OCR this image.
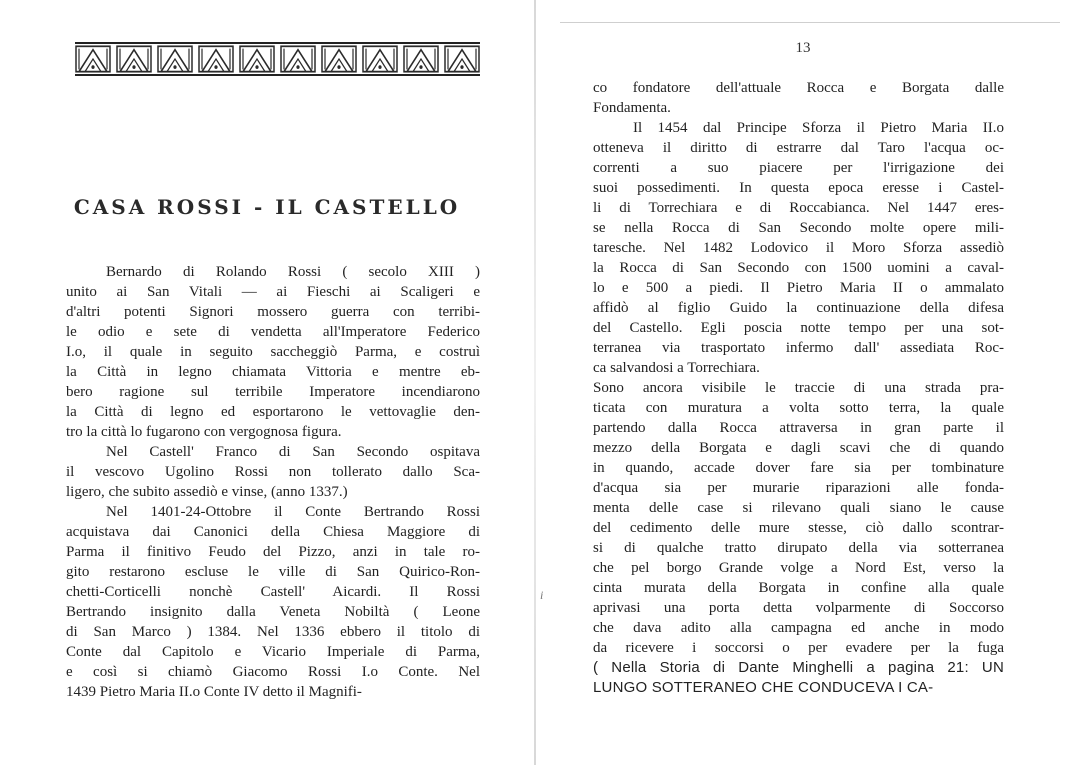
CASA ROSSI - IL CASTELLO
Bernardo di Rolando Rossi ( secolo XIII )
unito ai San Vitali — ai Fieschi ai Scaligeri e
d'altri potenti Signori mossero guerra con terribi-
le odio e sete di vendetta all'Imperatore Federico
I.o, il quale in seguito saccheggiò Parma, e costruì
la Città in legno chiamata Vittoria e mentre eb-
bero ragione sul terribile Imperatore incendiarono
la Città di legno ed esportarono le vettovaglie den-
tro la città lo fugarono con vergognosa figura.
Nel Castell' Franco di San Secondo ospitava
il vescovo Ugolino Rossi non tollerato dallo Sca-
ligero, che subito assediò e vinse, (anno 1337.)
Nel 1401-24-Ottobre il Conte Bertrando Rossi
acquistava dai Canonici della Chiesa Maggiore di
Parma il finitivo Feudo del Pizzo, anzi in tale ro-
gito restarono escluse le ville di San Quirico-Ron-
chetti-Corticelli nonchè Castell' Aicardi. Il Rossi
Bertrando insignito dalla Veneta Nobiltà ( Leone
di San Marco ) 1384. Nel 1336 ebbero il titolo di
Conte dal Capitolo e Vicario Imperiale di Parma,
e così si chiamò Giacomo Rossi I.o Conte. Nel
1439 Pietro Maria II.o Conte IV detto il Magnifi-
13
co fondatore dell'attuale Rocca e Borgata dalle
Fondamenta.
Il 1454 dal Principe Sforza il Pietro Maria II.o
otteneva il diritto di estrarre dal Taro l'acqua oc-
correnti a suo piacere per l'irrigazione dei
suoi possedimenti. In questa epoca eresse i Castel-
li di Torrechiara e di Roccabianca. Nel 1447 eres-
se nella Rocca di San Secondo molte opere mili-
taresche. Nel 1482 Lodovico il Moro Sforza assediò
la Rocca di San Secondo con 1500 uomini a caval-
lo e 500 a piedi. Il Pietro Maria II o ammalato
affidò al figlio Guido la continuazione della difesa
del Castello. Egli poscia notte tempo per una sot-
terranea via trasportato infermo dall' assediata Roc-
ca salvandosi a Torrechiara.
Sono ancora visibile le traccie di una strada pra-
ticata con muratura a volta sotto terra, la quale
partendo dalla Rocca attraversa in gran parte il
mezzo della Borgata e dagli scavi che di quando
in quando, accade dover fare sia per tombinature
d'acqua sia per murarie riparazioni alle fonda-
menta delle case si rilevano quali siano le cause
del cedimento delle mure stesse, ciò dallo scontrar-
si di qualche tratto dirupato della via sotterranea
che pel borgo Grande volge a Nord Est, verso la
cinta murata della Borgata in confine alla quale
aprivasi una porta detta volparmente di Soccorso
che dava adito alla campagna ed anche in modo
da ricevere i soccorsi o per evadere per la fuga
( Nella Storia di Dante Minghelli a pagina 21: UN
LUNGO SOTTERANEO CHE CONDUCEVA I CA-
i
